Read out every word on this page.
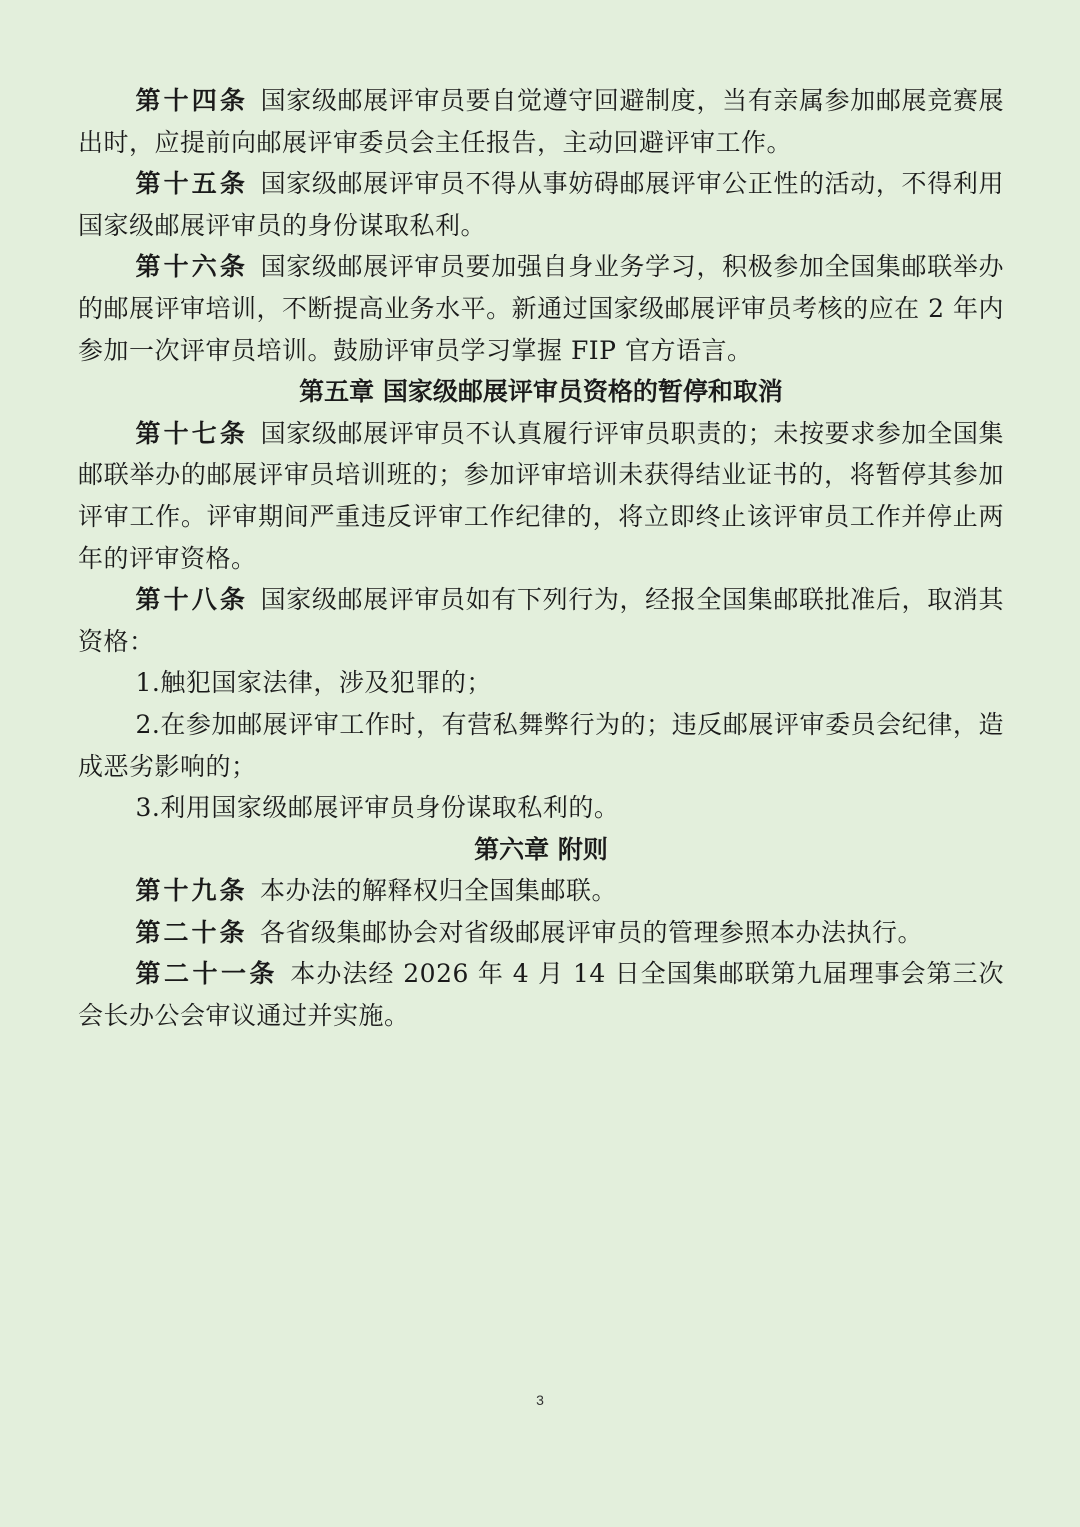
第十四条 国家级邮展评审员要自觉遵守回避制度，当有亲属参加邮展竞赛展出时，应提前向邮展评审委员会主任报告，主动回避评审工作。

第十五条 国家级邮展评审员不得从事妨碍邮展评审公正性的活动，不得利用国家级邮展评审员的身份谋取私利。

第十六条 国家级邮展评审员要加强自身业务学习，积极参加全国集邮联举办的邮展评审培训，不断提高业务水平。新通过国家级邮展评审员考核的应在 2 年内参加一次评审员培训。鼓励评审员学习掌握 FIP 官方语言。

第五章 国家级邮展评审员资格的暂停和取消

第十七条 国家级邮展评审员不认真履行评审员职责的；未按要求参加全国集邮联举办的邮展评审员培训班的；参加评审培训未获得结业证书的，将暂停其参加评审工作。评审期间严重违反评审工作纪律的，将立即终止该评审员工作并停止两年的评审资格。

第十八条 国家级邮展评审员如有下列行为，经报全国集邮联批准后，取消其资格：

1.触犯国家法律，涉及犯罪的；

2.在参加邮展评审工作时，有营私舞弊行为的；违反邮展评审委员会纪律，造成恶劣影响的；

3.利用国家级邮展评审员身份谋取私利的。

第六章 附则

第十九条 本办法的解释权归全国集邮联。

第二十条 各省级集邮协会对省级邮展评审员的管理参照本办法执行。

第二十一条 本办法经 2026 年 4 月 14 日全国集邮联第九届理事会第三次会长办公会审议通过并实施。

3
